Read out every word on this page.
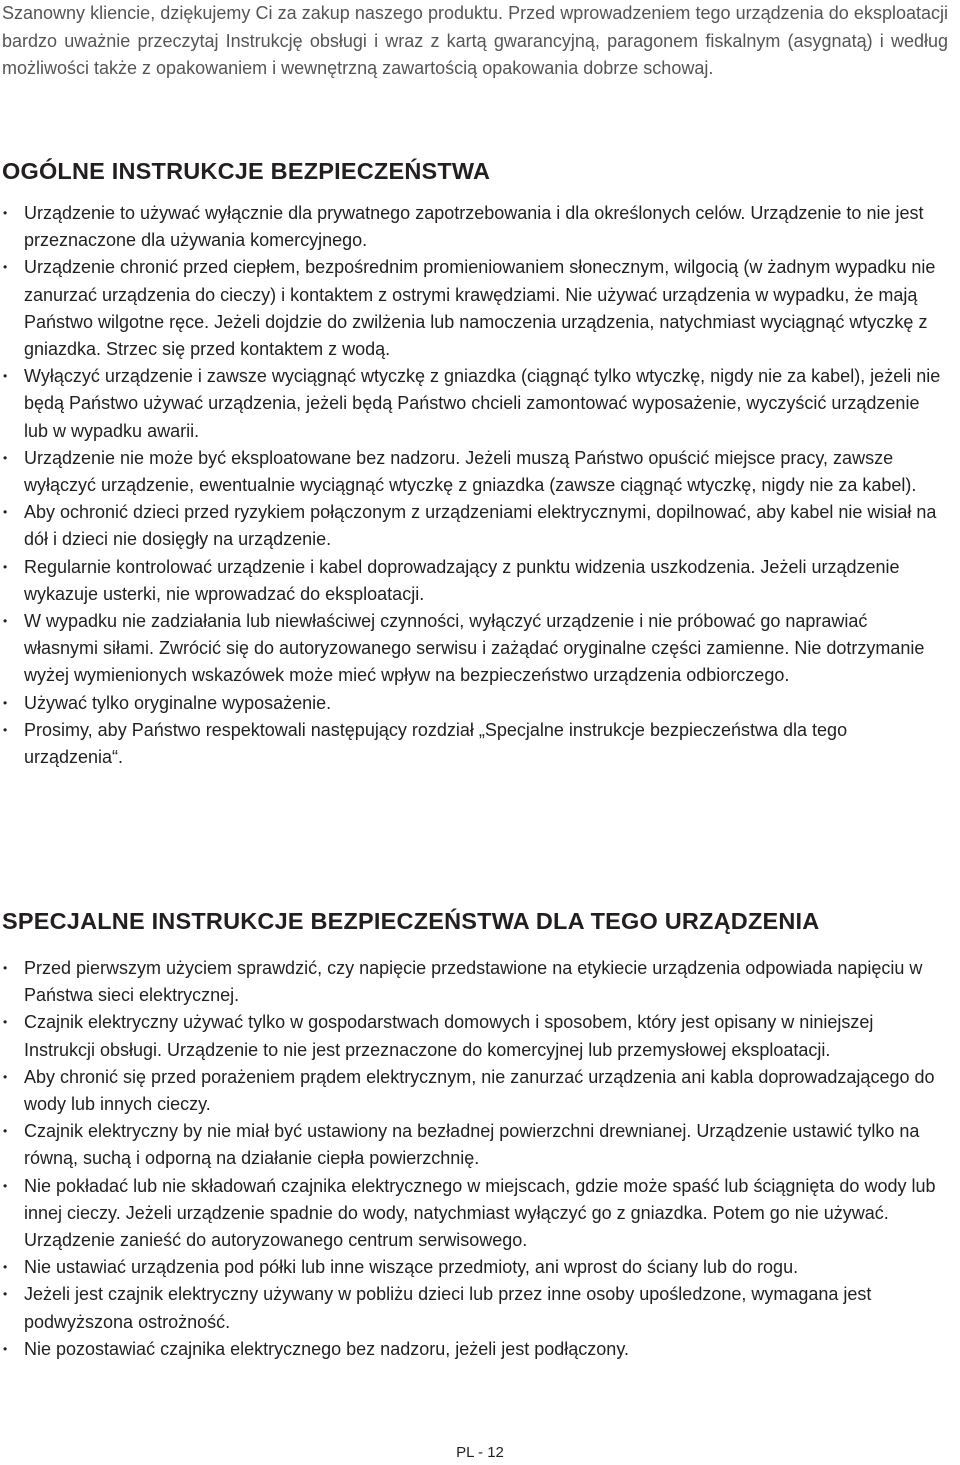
Szanowny kliencie, dziękujemy Ci za zakup naszego produktu. Przed wprowadzeniem tego urządzenia do eksploatacji bardzo uważnie przeczytaj Instrukcję obsługi i wraz z kartą gwarancyjną, paragonem fiskalnym (asygnatą) i według możliwości także z opakowaniem i wewnętrzną zawartością opakowania dobrze schowaj.

OGÓLNE INSTRUKCJE BEZPIECZEŃSTWA
• Urządzenie to używać wyłącznie dla prywatnego zapotrzebowania i dla określonych celów. Urządzenie to nie jest przeznaczone dla używania komercyjnego.
• Urządzenie chronić przed ciepłem, bezpośrednim promieniowaniem słonecznym, wilgocią (w żadnym wypadku nie zanurzać urządzenia do cieczy) i kontaktem z ostrymi krawędziami. Nie używać urządzenia w wypadku, że mają Państwo wilgotne ręce. Jeżeli dojdzie do zwilżenia lub namoczenia urządzenia, natychmiast wyciągnąć wtyczkę z gniazdka. Strzec się przed kontaktem z wodą.
• Wyłączyć urządzenie i zawsze wyciągnąć wtyczkę z gniazdka (ciągnąć tylko wtyczkę, nigdy nie za kabel), jeżeli nie będą Państwo używać urządzenia, jeżeli będą Państwo chcieli zamontować wyposażenie, wyczyścić urządzenie lub w wypadku awarii.
• Urządzenie nie może być eksploatowane bez nadzoru. Jeżeli muszą Państwo opuścić miejsce pracy, zawsze wyłączyć urządzenie, ewentualnie wyciągnąć wtyczkę z gniazdka (zawsze ciągnąć wtyczkę, nigdy nie za kabel).
• Aby ochronić dzieci przed ryzykiem połączonym z urządzeniami elektrycznymi, dopilnować, aby kabel nie wisiał na dół i dzieci nie dosięgły na urządzenie.
• Regularnie kontrolować urządzenie i kabel doprowadzający z punktu widzenia uszkodzenia. Jeżeli urządzenie wykazuje usterki, nie wprowadzać do eksploatacji.
• W wypadku nie zadziałania lub niewłaściwej czynności, wyłączyć urządzenie i nie próbować go naprawiać własnymi siłami. Zwrócić się do autoryzowanego serwisu i zażądać oryginalne części zamienne. Nie dotrzymanie wyżej wymienionych wskazówek może mieć wpływ na bezpieczeństwo urządzenia odbiorczego.
• Używać tylko oryginalne wyposażenie.
• Prosimy, aby Państwo respektowali następujący rozdział „Specjalne instrukcje bezpieczeństwa dla tego urządzenia“.
SPECJALNE INSTRUKCJE BEZPIECZEŃSTWA DLA TEGO URZĄDZENIA
• Przed pierwszym użyciem sprawdzić, czy napięcie przedstawione na etykiecie urządzenia odpowiada napięciu w Państwa sieci elektrycznej.
• Czajnik elektryczny używać tylko w gospodarstwach domowych i sposobem, który jest opisany w niniejszej Instrukcji obsługi. Urządzenie to nie jest przeznaczone do komercyjnej lub przemysłowej eksploatacji.
• Aby chronić się przed porażeniem prądem elektrycznym, nie zanurzać urządzenia ani kabla doprowadzającego do wody lub innych cieczy.
• Czajnik elektryczny by nie miał być ustawiony na bezładnej powierzchni drewnianej. Urządzenie ustawić tylko na równą, suchą i odporną na działanie ciepła powierzchnię.
• Nie pokładać lub nie składowań czajnika elektrycznego w miejscach, gdzie może spaść lub ściągnięta do wody lub innej cieczy. Jeżeli urządzenie spadnie do wody, natychmiast wyłączyć go z gniazdka. Potem go nie używać. Urządzenie zanieść do autoryzowanego centrum serwisowego.
• Nie ustawiać urządzenia pod półki lub inne wiszące przedmioty, ani wprost do ściany lub do rogu.
• Jeżeli jest czajnik elektryczny używany w pobliżu dzieci lub przez inne osoby upośledzone, wymagana jest podwyższona ostrożność.
• Nie pozostawiać czajnika elektrycznego bez nadzoru, jeżeli jest podłączony.
PL - 12
